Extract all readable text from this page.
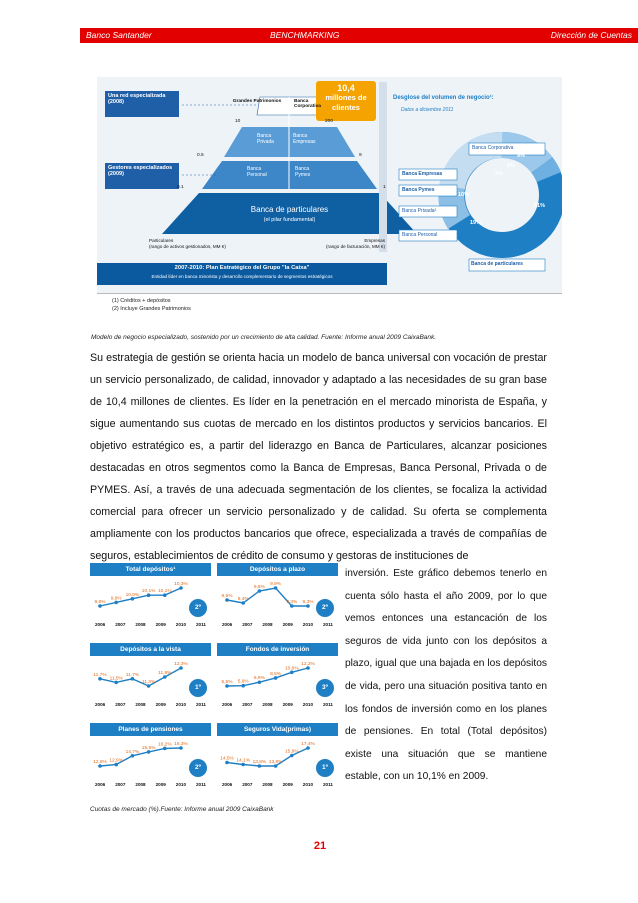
Banco Santander	BENCHMARKING	Dirección de Cuentas
Una red especializada (2008)
Gestores especializados (2009)
Grandes Patrimonios	Banca Corporativa
10	200
Banca Privada
Banca Empresas
0.5	9
Banca Personal
Banca Pymes
0.1	1
Banca de particulares
(el pilar fundamental)
Particulares
(rango de activos gestionados, MM €)
Empresas
(rango de facturación, MM €)
10,4
millones de
clientes
2007-2010: Plan Estratégico del Grupo "la Caixa"
Entidad líder en banca minorista y desarrollo complementario de segmentos estratégicos
Desglose del volumen de negocio¹:
Datos a diciembre 2011
Banca Corporativa
Banca Empresas
Banca Pymes
Banca Privada²
Banca Personal
Banca de particulares
9%
6%
4%
10%
19%
51%
(1) Créditos + depósitos
(2) Incluye Grandes Patrimonios
Modelo de negocio especializado, sostenido por un crecimiento de alta calidad. Fuente: Informe anual 2009 CaixaBank.
Su estrategia de gestión se orienta hacia un modelo de banca universal con vocación de prestar un servicio personalizado, de calidad, innovador y adaptado a las necesidades de su gran base de 10,4 millones de clientes. Es líder en la penetración en el mercado minorista de España, y sigue aumentando sus cuotas de mercado en los distintos productos y servicios bancarios. El objetivo estratégico es, a partir del liderazgo en Banca de Particulares, alcanzar posiciones destacadas en otros segmentos como la Banca de Empresas, Banca Personal, Privada o de PYMES. Así, a través de una adecuada segmentación de los clientes, se focaliza la actividad comercial para ofrecer un servicio personalizado y de calidad. Su oferta se complementa ampliamente con los productos bancarios que ofrece, especializada a través de compañías de seguros, establecimientos de crédito de consumo y gestoras de instituciones de
Total depósitos¹
9,8%
9,9%
10,0%
10,1% 10,1%
10,3%
2º
2006 2007 2008 2009 2010 2011
Depósitos a plazo
9,5%
9,4%
9,8%
9,9%
9,3% 9,3%
2º
2006 2007 2008 2009 2010 2011
Depósitos a la vista
11,7%
11,5%
11,7%
11,3%
11,8%
12,3%
1º
2006 2007 2008 2009 2010 2011
Fondos de inversión
5,5% 5,6%
6,9%
8,5%
10,6%
12,2%
3º
2006 2007 2008 2009 2010 2011
Planes de pensiones
12,6% 12,9%
14,7%
15,5%
16,2% 16,3%
2º
2006 2007 2008 2009 2010 2011
Seguros Vida(primas)
14,5% 14,1% 13,8% 13,8%
15,9%
17,4%
1º
2006 2007 2008 2009 2010 2011
inversión. Este gráfico debemos tenerlo en cuenta sólo hasta el año 2009, por lo que vemos entonces una estancación de los seguros de vida junto con los depósitos a plazo, igual que una bajada en los depósitos de vida, pero una situación positiva tanto en los fondos de inversión como en los planes de pensiones. En total (Total depósitos) existe una situación que se mantiene estable, con un 10,1% en 2009.
Cuotas de mercado (%).Fuente: Informe anual 2009 CaixaBank
21
